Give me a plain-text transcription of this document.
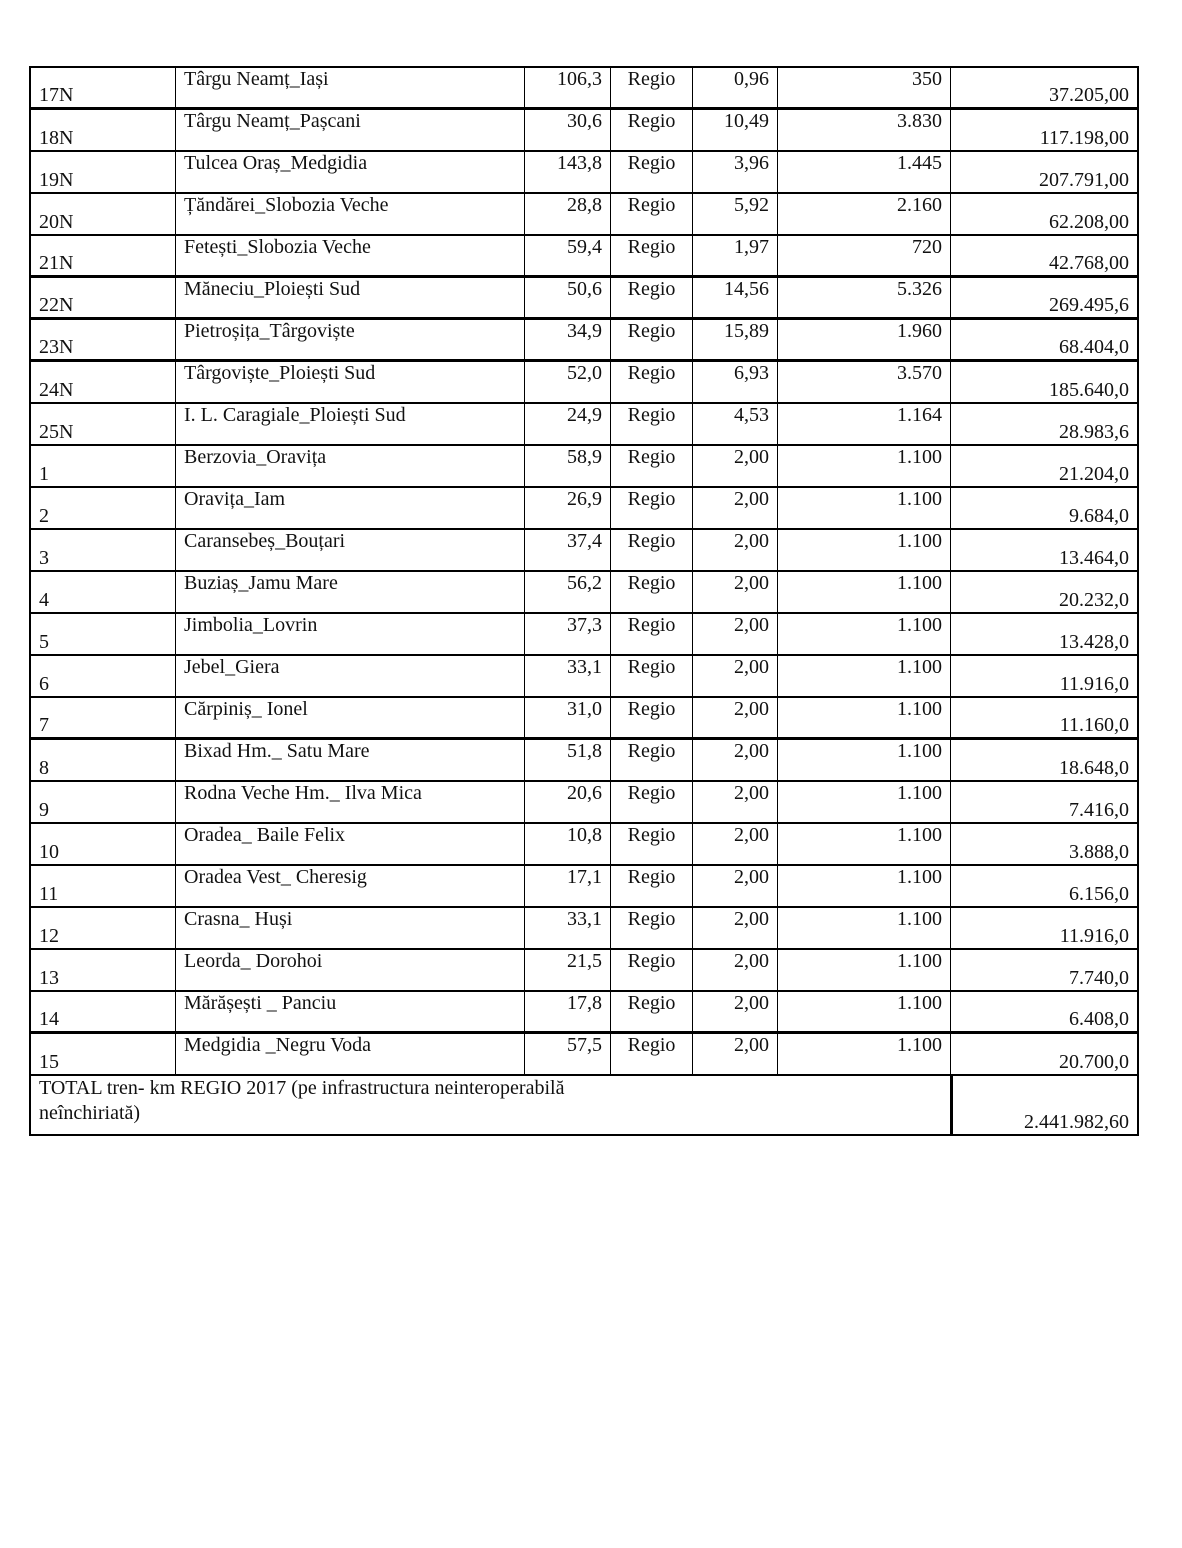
17N	Târgu Neamț_Iași	106,3	Regio	0,96	350	37.205,00
18N	Târgu Neamț_Pașcani	30,6	Regio	10,49	3.830	117.198,00
19N	Tulcea Oraș_Medgidia	143,8	Regio	3,96	1.445	207.791,00
20N	Țăndărei_Slobozia Veche	28,8	Regio	5,92	2.160	62.208,00
21N	Fetești_Slobozia Veche	59,4	Regio	1,97	720	42.768,00
22N	Măneciu_Ploiești Sud	50,6	Regio	14,56	5.326	269.495,6
23N	Pietroșița_Târgoviște	34,9	Regio	15,89	1.960	68.404,0
24N	Târgoviște_Ploiești Sud	52,0	Regio	6,93	3.570	185.640,0
25N	I. L. Caragiale_Ploiești Sud	24,9	Regio	4,53	1.164	28.983,6
1	Berzovia_Oravița	58,9	Regio	2,00	1.100	21.204,0
2	Oravița_Iam	26,9	Regio	2,00	1.100	9.684,0
3	Caransebeș_Bouțari	37,4	Regio	2,00	1.100	13.464,0
4	Buziaș_Jamu Mare	56,2	Regio	2,00	1.100	20.232,0
5	Jimbolia_Lovrin	37,3	Regio	2,00	1.100	13.428,0
6	Jebel_Giera	33,1	Regio	2,00	1.100	11.916,0
7	Cărpiniș_ Ionel	31,0	Regio	2,00	1.100	11.160,0
8	Bixad Hm._ Satu Mare	51,8	Regio	2,00	1.100	18.648,0
9	Rodna Veche Hm._ Ilva Mica	20,6	Regio	2,00	1.100	7.416,0
10	Oradea_ Baile Felix	10,8	Regio	2,00	1.100	3.888,0
11	Oradea Vest_ Cheresig	17,1	Regio	2,00	1.100	6.156,0
12	Crasna_ Huși	33,1	Regio	2,00	1.100	11.916,0
13	Leorda_ Dorohoi	21,5	Regio	2,00	1.100	7.740,0
14	Mărășești _ Panciu	17,8	Regio	2,00	1.100	6.408,0
15	Medgidia _Negru Voda	57,5	Regio	2,00	1.100	20.700,0

TOTAL tren- km REGIO 2017 (pe infrastructura neinteroperabilă
neînchiriată)						2.441.982,60
